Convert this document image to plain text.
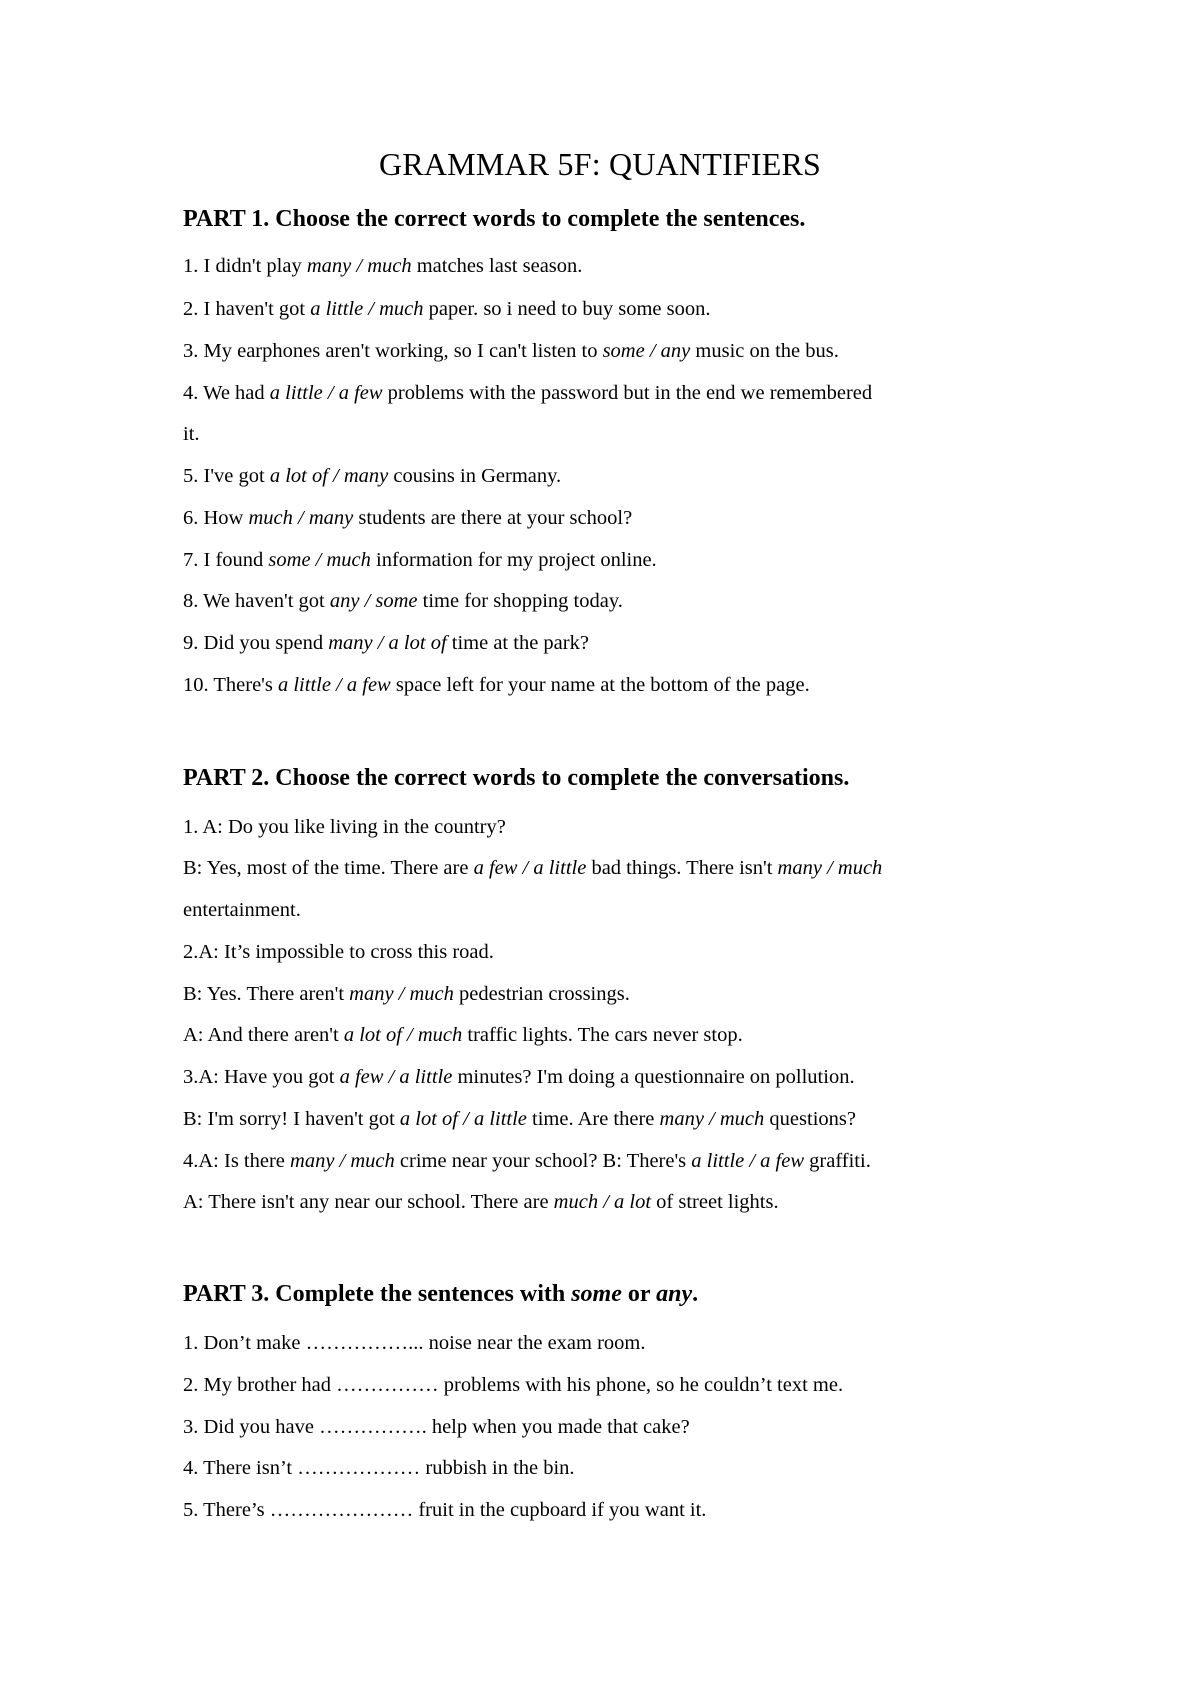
GRAMMAR 5F: QUANTIFIERS
PART 1. Choose the correct words to complete the sentences.

1. I didn't play many / much matches last season.

2. I haven't got a little / much paper. so i need to buy some soon.

3. My earphones aren't working, so I can't listen to some / any music on the bus.

4. We had a little / a few problems with the password but in the end we remembered

it.

5. I've got a lot of / many cousins in Germany.

6. How much / many students are there at your school?

7. I found some / much information for my project online.

8. We haven't got any / some time for shopping today.

9. Did you spend many / a lot of time at the park?

10. There's a little / a few space left for your name at the bottom of the page.

PART 2. Choose the correct words to complete the conversations.

1. A: Do you like living in the country?

B: Yes, most of the time. There are a few / a little bad things. There isn't many / much

entertainment.

2.A: It’s impossible to cross this road.

B: Yes. There aren't many / much pedestrian crossings.

A: And there aren't a lot of / much traffic lights. The cars never stop.

3.A: Have you got a few / a little minutes? I'm doing a questionnaire on pollution.

B: I'm sorry! I haven't got a lot of / a little time. Are there many / much questions?

4.A: Is there many / much crime near your school? B: There's a little / a few graffiti.

A: There isn't any near our school. There are much / a lot of street lights.

PART 3. Complete the sentences with some or any.

1. Don’t make ……………... noise near the exam room.

2. My brother had …………… problems with his phone, so he couldn’t text me.

3. Did you have ……………. help when you made that cake?

4. There isn’t ……………… rubbish in the bin.

5. There’s ………………… fruit in the cupboard if you want it.
